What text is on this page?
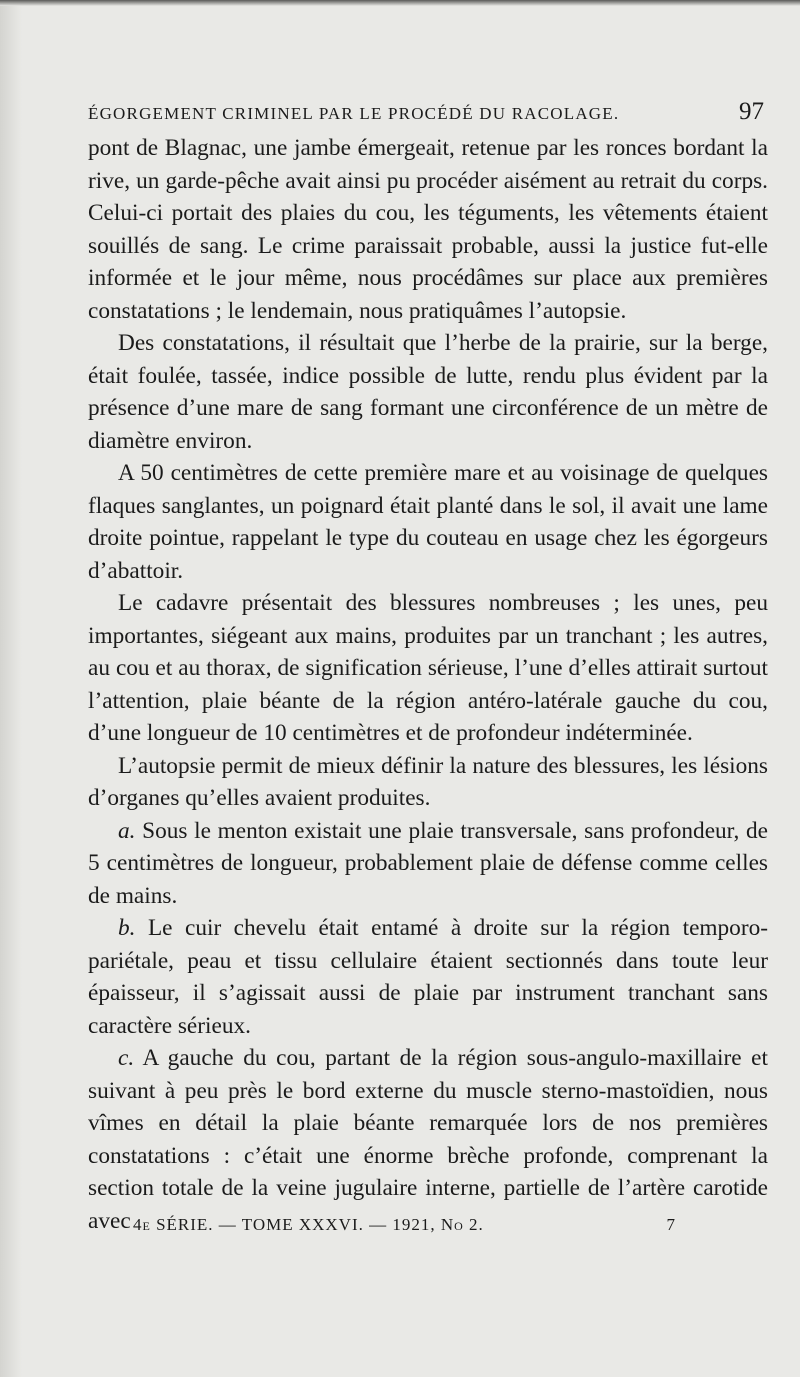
ÉGORGEMENT CRIMINEL PAR LE PROCÉDÉ DU RACOLAGE.	97

pont de Blagnac, une jambe émergeait, retenue par les ronces bordant la rive, un garde-pêche avait ainsi pu procéder aisément au retrait du corps. Celui-ci portait des plaies du cou, les téguments, les vêtements étaient souillés de sang. Le crime paraissait probable, aussi la justice fut-elle informée et le jour même, nous procédâmes sur place aux premières constatations ; le lendemain, nous pratiquâmes l’autopsie.

Des constatations, il résultait que l’herbe de la prairie, sur la berge, était foulée, tassée, indice possible de lutte, rendu plus évident par la présence d’une mare de sang formant une circonférence de un mètre de diamètre environ.

A 50 centimètres de cette première mare et au voisinage de quelques flaques sanglantes, un poignard était planté dans le sol, il avait une lame droite pointue, rappelant le type du couteau en usage chez les égorgeurs d’abattoir.

Le cadavre présentait des blessures nombreuses ; les unes, peu importantes, siégeant aux mains, produites par un tranchant ; les autres, au cou et au thorax, de signification sérieuse, l’une d’elles attirait surtout l’attention, plaie béante de la région antéro-latérale gauche du cou, d’une longueur de 10 centimètres et de profondeur indéterminée.

L’autopsie permit de mieux définir la nature des blessures, les lésions d’organes qu’elles avaient produites.

a. Sous le menton existait une plaie transversale, sans profondeur, de 5 centimètres de longueur, probablement plaie de défense comme celles de mains.

b. Le cuir chevelu était entamé à droite sur la région temporo-pariétale, peau et tissu cellulaire étaient sectionnés dans toute leur épaisseur, il s’agissait aussi de plaie par instrument tranchant sans caractère sérieux.

c. A gauche du cou, partant de la région sous-angulo-maxillaire et suivant à peu près le bord externe du muscle sterno-mastoïdien, nous vîmes en détail la plaie béante remarquée lors de nos premières constatations : c’était une énorme brèche profonde, comprenant la section totale de la veine jugulaire interne, partielle de l’artère carotide avec 4e SÉRIE. — TOME XXXVI. — 1921, No 2.	7
